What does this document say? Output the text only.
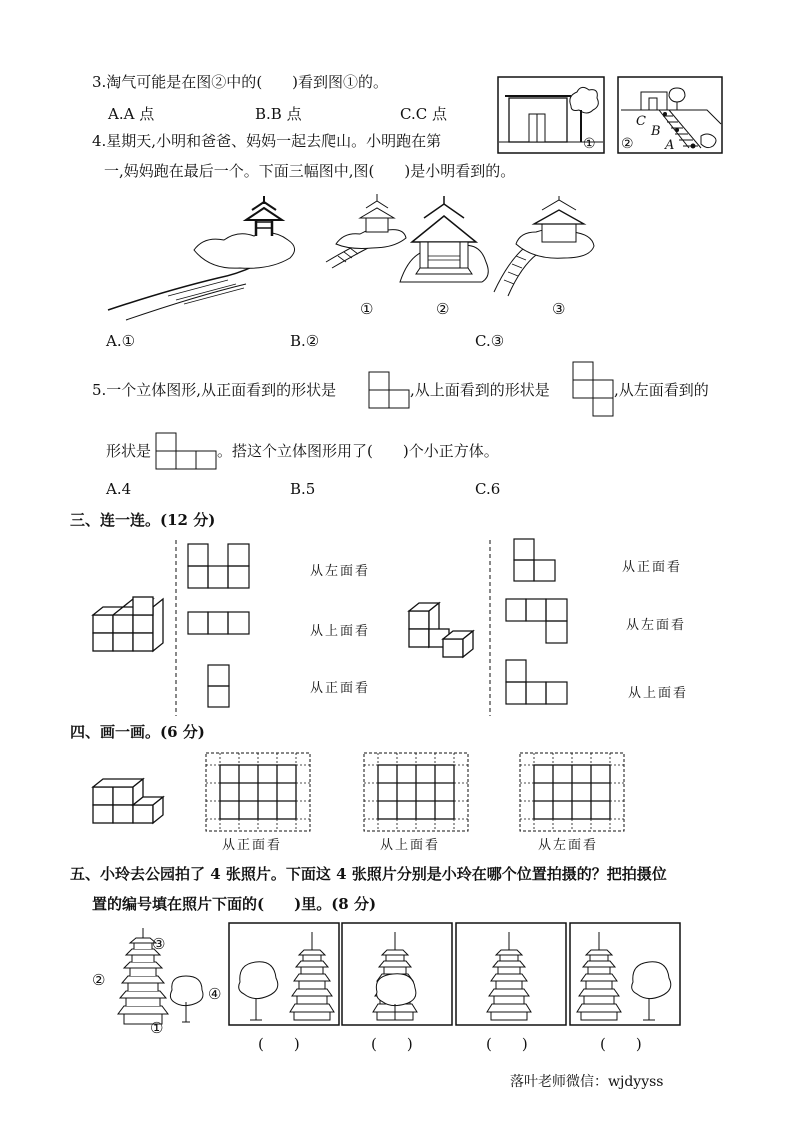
3.淘气可能是在图②中的(　　)看到图①的。
A.A 点	B.B 点	C.C 点
① ②
C
B
A
4.星期天,小明和爸爸、妈妈一起去爬山。小明跑在第
一,妈妈跑在最后一个。下面三幅图中,图(　　)是小明看到的。
①	②	③
A.①	B.②	C.③
5.一个立体图形,从正面看到的形状是	,从上面看到的形状是	,从左面看到的
形状是	。搭这个立体图形用了(　　)个小正方体。
A.4	B.5	C.6
三、连一连。(12 分)
从左面看
从上面看
从正面看
从正面看
从左面看
从上面看
四、画一画。(6 分)
从正面看	从上面看	从左面看
五、小玲去公园拍了 4 张照片。下面这 4 张照片分别是小玲在哪个位置拍摄的？把拍摄位
置的编号填在照片下面的(　　)里。(8 分)
③
②
④
①
(　　)	(　　)	(　　)	(　　)
落叶老师微信：wjdyyss
